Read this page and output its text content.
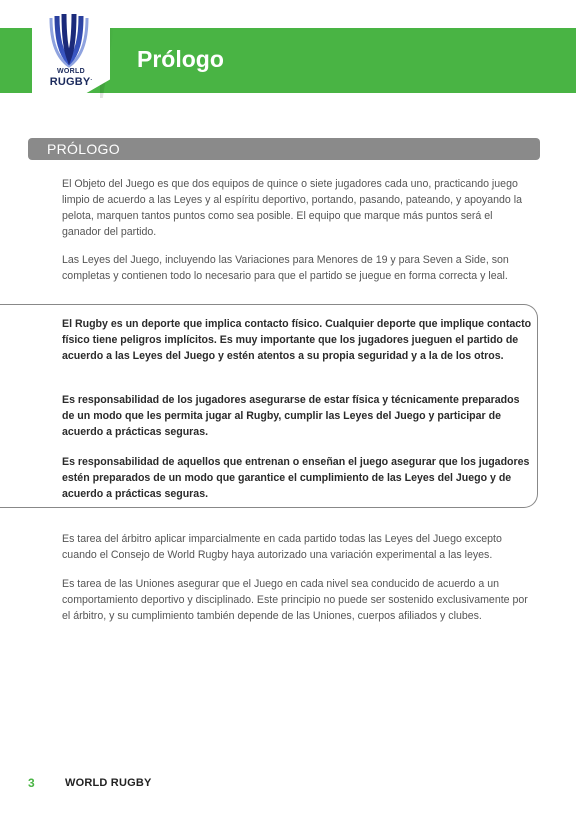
Prólogo
WORLD
RUGBY.
PRÓLOGO

El Objeto del Juego es que dos equipos de quince o siete jugadores cada uno, practicando juego limpio de acuerdo a las Leyes y al espíritu deportivo, portando, pasando, pateando, y apoyando la pelota, marquen tantos puntos como sea posible. El equipo que marque más puntos será el ganador del partido.

Las Leyes del Juego, incluyendo las Variaciones para Menores de 19 y para Seven a Side, son completas y contienen todo lo necesario para que el partido se juegue en forma correcta y leal.

El Rugby es un deporte que implica contacto físico. Cualquier deporte que implique contacto físico tiene peligros implícitos. Es muy importante que los jugadores jueguen el partido de acuerdo a las Leyes del Juego y estén atentos a su propia seguridad y a la de los otros.

Es responsabilidad de los jugadores asegurarse de estar física y técnicamente preparados de un modo que les permita jugar al Rugby, cumplir las Leyes del Juego y participar de acuerdo a prácticas seguras.

Es responsabilidad de aquellos que entrenan o enseñan el juego asegurar que los jugadores estén preparados de un modo que garantice el cumplimiento de las Leyes del Juego y de acuerdo a prácticas seguras.

Es tarea del árbitro aplicar imparcialmente en cada partido todas las Leyes del Juego excepto cuando el Consejo de World Rugby haya autorizado una variación experimental a las leyes.

Es tarea de las Uniones asegurar que el Juego en cada nivel sea conducido de acuerdo a un comportamiento deportivo y disciplinado. Este principio no puede ser sostenido exclusivamente por el árbitro, y su cumplimiento también depende de las Uniones, cuerpos afiliados y clubes.

3	WORLD RUGBY
